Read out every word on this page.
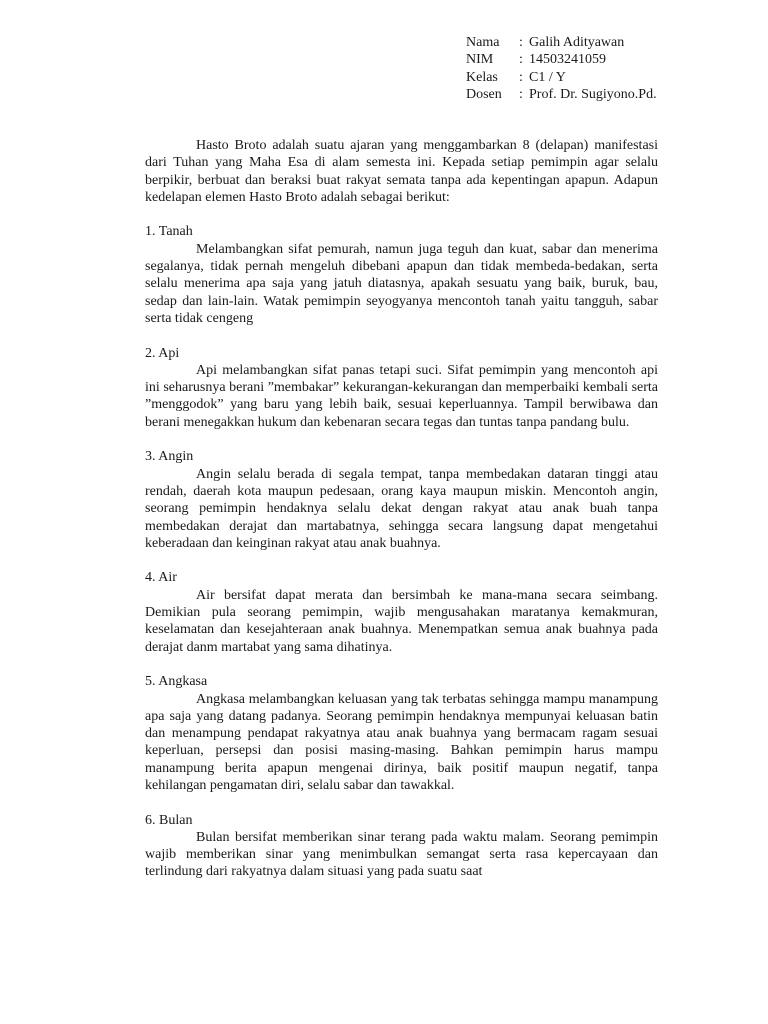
Nama	: Galih Adityawan
NIM	: 14503241059
Kelas	: C1 / Y
Dosen	: Prof. Dr. Sugiyono.Pd.

Hasto Broto adalah suatu ajaran yang menggambarkan 8 (delapan) manifestasi dari Tuhan yang Maha Esa di alam semesta ini. Kepada setiap pemimpin agar selalu berpikir, berbuat dan beraksi buat rakyat semata tanpa ada kepentingan apapun. Adapun kedelapan elemen Hasto Broto adalah sebagai berikut:

1. Tanah

Melambangkan sifat pemurah, namun juga teguh dan kuat, sabar dan menerima segalanya, tidak pernah mengeluh dibebani apapun dan tidak membeda-bedakan, serta selalu menerima apa saja yang jatuh diatasnya, apakah sesuatu yang baik, buruk, bau, sedap dan lain-lain. Watak pemimpin seyogyanya mencontoh tanah yaitu tangguh, sabar serta tidak cengeng

2. Api

Api melambangkan sifat panas tetapi suci. Sifat pemimpin yang mencontoh api ini seharusnya berani ”membakar” kekurangan-kekurangan dan memperbaiki kembali serta ”menggodok” yang baru yang lebih baik, sesuai keperluannya. Tampil berwibawa dan berani menegakkan hukum dan kebenaran secara tegas dan tuntas tanpa pandang bulu.

3. Angin

Angin selalu berada di segala tempat, tanpa membedakan dataran tinggi atau rendah, daerah kota maupun pedesaan, orang kaya maupun miskin. Mencontoh angin, seorang pemimpin hendaknya selalu dekat dengan rakyat atau anak buah tanpa membedakan derajat dan martabatnya, sehingga secara langsung dapat mengetahui keberadaan dan keinginan rakyat atau anak buahnya.

4. Air

Air bersifat dapat merata dan bersimbah ke mana-mana secara seimbang. Demikian pula seorang pemimpin, wajib mengusahakan maratanya kemakmuran, keselamatan dan kesejahteraan anak buahnya. Menempatkan semua anak buahnya pada derajat danm martabat yang sama dihatinya.

5. Angkasa

Angkasa melambangkan keluasan yang tak terbatas sehingga mampu manampung apa saja yang datang padanya. Seorang pemimpin hendaknya mempunyai keluasan batin dan menampung pendapat rakyatnya atau anak buahnya yang bermacam ragam sesuai keperluan, persepsi dan posisi masing-masing. Bahkan pemimpin harus mampu manampung berita apapun mengenai dirinya, baik positif maupun negatif, tanpa kehilangan pengamatan diri, selalu sabar dan tawakkal.

6. Bulan

Bulan bersifat memberikan sinar terang pada waktu malam. Seorang pemimpin wajib memberikan sinar yang menimbulkan semangat serta rasa kepercayaan dan terlindung dari rakyatnya dalam situasi yang pada suatu saat
